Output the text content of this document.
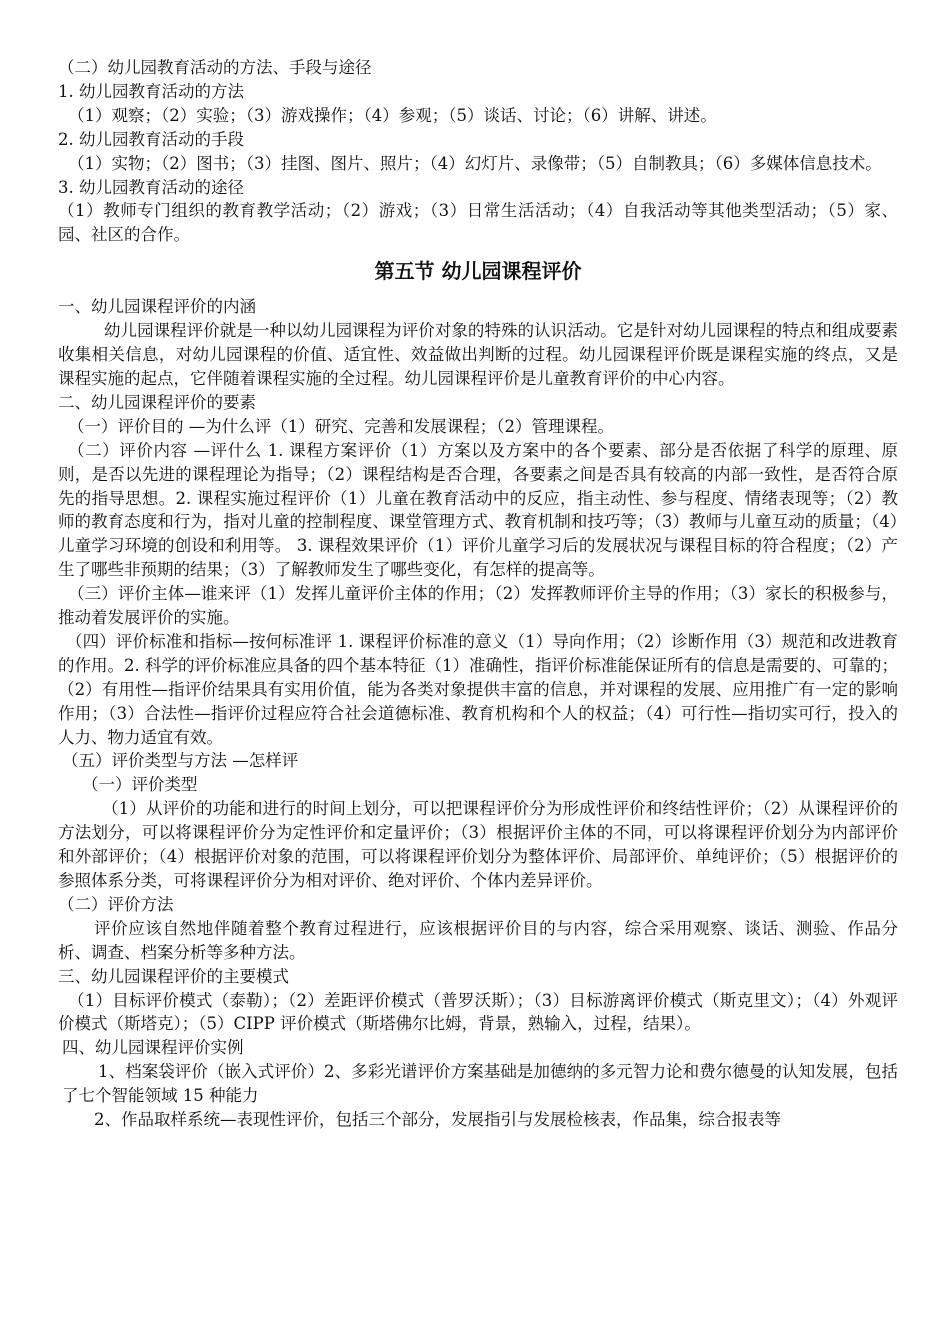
（二）幼儿园教育活动的方法、手段与途径

1. 幼儿园教育活动的方法

（1）观察；（2）实验；（3）游戏操作；（4）参观；（5）谈话、讨论；（6）讲解、讲述。

2. 幼儿园教育活动的手段

（1）实物；（2）图书；（3）挂图、图片、照片；（4）幻灯片、录像带；（5）自制教具；（6）多媒体信息技术。

3. 幼儿园教育活动的途径

（1）教师专门组织的教育教学活动；（2）游戏；（3）日常生活活动；（4）自我活动等其他类型活动；（5）家、园、社区的合作。

第五节 幼儿园课程评价

一、幼儿园课程评价的内涵

幼儿园课程评价就是一种以幼儿园课程为评价对象的特殊的认识活动。它是针对幼儿园课程的特点和组成要素收集相关信息，对幼儿园课程的价值、适宜性、效益做出判断的过程。幼儿园课程评价既是课程实施的终点，又是课程实施的起点，它伴随着课程实施的全过程。幼儿园课程评价是儿童教育评价的中心内容。

二、幼儿园课程评价的要素

（一）评价目的 —为什么评（1）研究、完善和发展课程；（2）管理课程。

（二）评价内容 —评什么 1. 课程方案评价（1）方案以及方案中的各个要素、部分是否依据了科学的原理、原则，是否以先进的课程理论为指导；（2）课程结构是否合理，各要素之间是否具有较高的内部一致性，是否符合原先的指导思想。2. 课程实施过程评价（1）儿童在教育活动中的反应，指主动性、参与程度、情绪表现等；（2）教师的教育态度和行为，指对儿童的控制程度、课堂管理方式、教育机制和技巧等；（3）教师与儿童互动的质量；（4）儿童学习环境的创设和利用等。 3. 课程效果评价（1）评价儿童学习后的发展状况与课程目标的符合程度；（2）产生了哪些非预期的结果；（3）了解教师发生了哪些变化，有怎样的提高等。

（三）评价主体—谁来评（1）发挥儿童评价主体的作用；（2）发挥教师评价主导的作用；（3）家长的积极参与，推动着发展评价的实施。

（四）评价标准和指标—按何标准评 1. 课程评价标准的意义（1）导向作用；（2）诊断作用（3）规范和改进教育的作用。2. 科学的评价标准应具备的四个基本特征（1）准确性，指评价标准能保证所有的信息是需要的、可靠的；（2）有用性—指评价结果具有实用价值，能为各类对象提供丰富的信息，并对课程的发展、应用推广有一定的影响作用；（3）合法性—指评价过程应符合社会道德标准、教育机构和个人的权益；（4）可行性—指切实可行，投入的人力、物力适宜有效。

（五）评价类型与方法 —怎样评

（一）评价类型

（1）从评价的功能和进行的时间上划分，可以把课程评价分为形成性评价和终结性评价；（2）从课程评价的方法划分，可以将课程评价分为定性评价和定量评价；（3）根据评价主体的不同，可以将课程评价划分为内部评价和外部评价；（4）根据评价对象的范围，可以将课程评价划分为整体评价、局部评价、单纯评价；（5）根据评价的参照体系分类，可将课程评价分为相对评价、绝对评价、个体内差异评价。

（二）评价方法

评价应该自然地伴随着整个教育过程进行，应该根据评价目的与内容，综合采用观察、谈话、测验、作品分析、调查、档案分析等多种方法。

三、幼儿园课程评价的主要模式

（1）目标评价模式（泰勒）；（2）差距评价模式（普罗沃斯）；（3）目标游离评价模式（斯克里文）；（4）外观评价模式（斯塔克）；（5）CIPP 评价模式（斯塔佛尔比姆，背景，熟输入，过程，结果）。

四、幼儿园课程评价实例

1、档案袋评价（嵌入式评价）2、多彩光谱评价方案基础是加德纳的多元智力论和费尔德曼的认知发展，包括了七个智能领域 15 种能力

2、作品取样系统—表现性评价，包括三个部分，发展指引与发展检核表，作品集，综合报表等
